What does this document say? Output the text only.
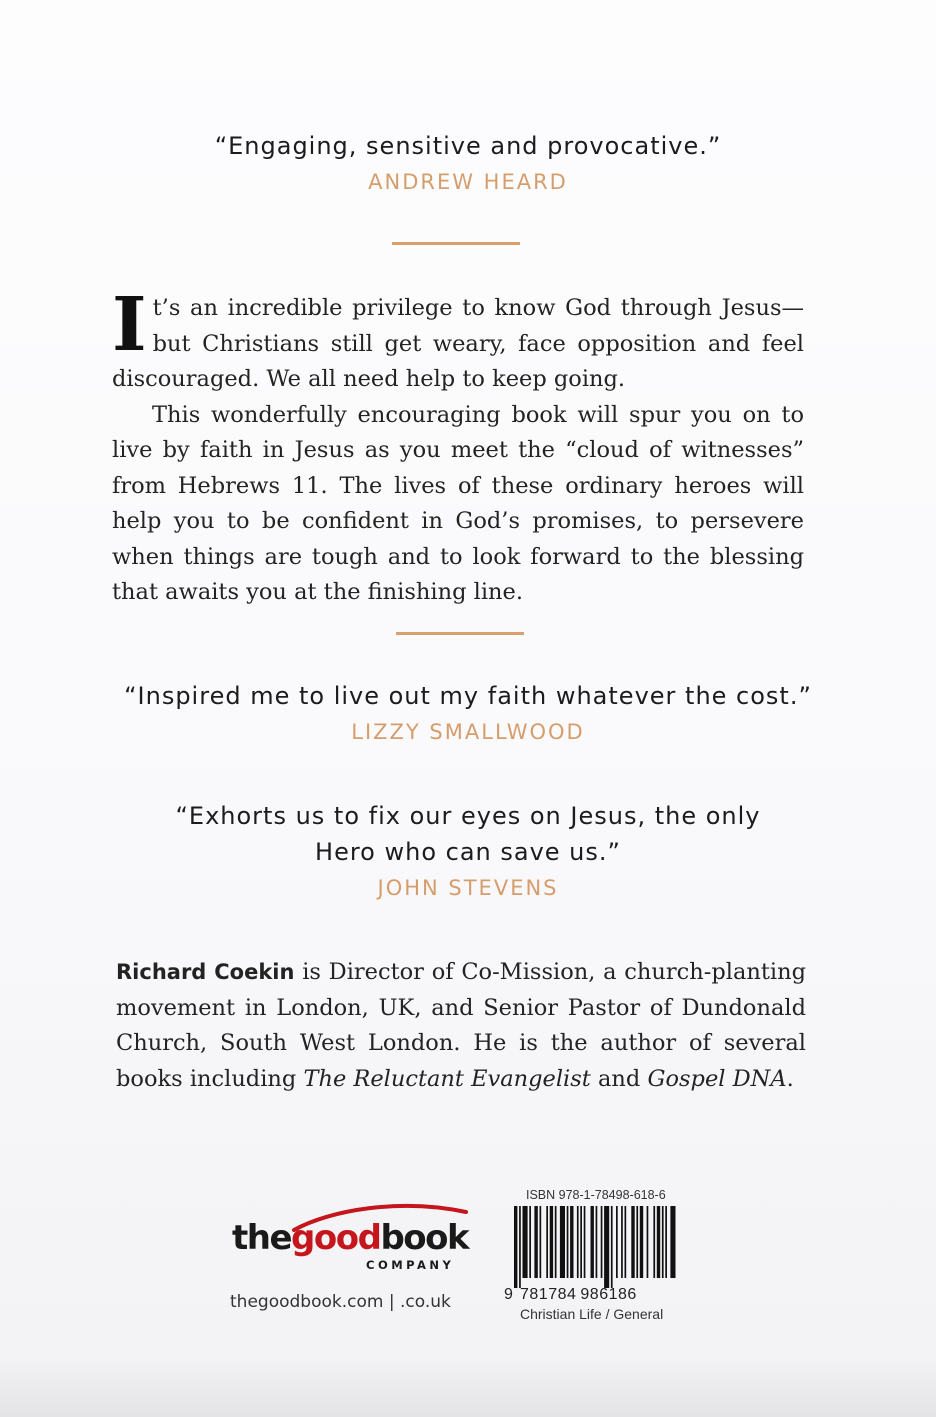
“Engaging, sensitive and provocative.”
ANDREW HEARD

It’s an incredible privilege to know God through Jesus—but Christians still get weary, face opposition and feel discouraged. We all need help to keep going.

This wonderfully encouraging book will spur you on to live by faith in Jesus as you meet the “cloud of witnesses” from Hebrews 11. The lives of these ordinary heroes will help you to be confident in God’s promises, to persevere when things are tough and to look forward to the blessing that awaits you at the finishing line.

“Inspired me to live out my faith whatever the cost.”
LIZZY SMALLWOOD
“Exhorts us to fix our eyes on Jesus, the only
Hero who can save us.”
JOHN STEVENS

Richard Coekin is Director of Co-Mission, a church-planting movement in London, UK, and Senior Pastor of Dundonald Church, South West London. He is the author of several books including The Reluctant Evangelist and Gospel DNA.

thegoodbook
COMPANY
thegoodbook.com | .co.uk
ISBN 978-1-78498-618-6
9 781784 986186
Christian Life / General
